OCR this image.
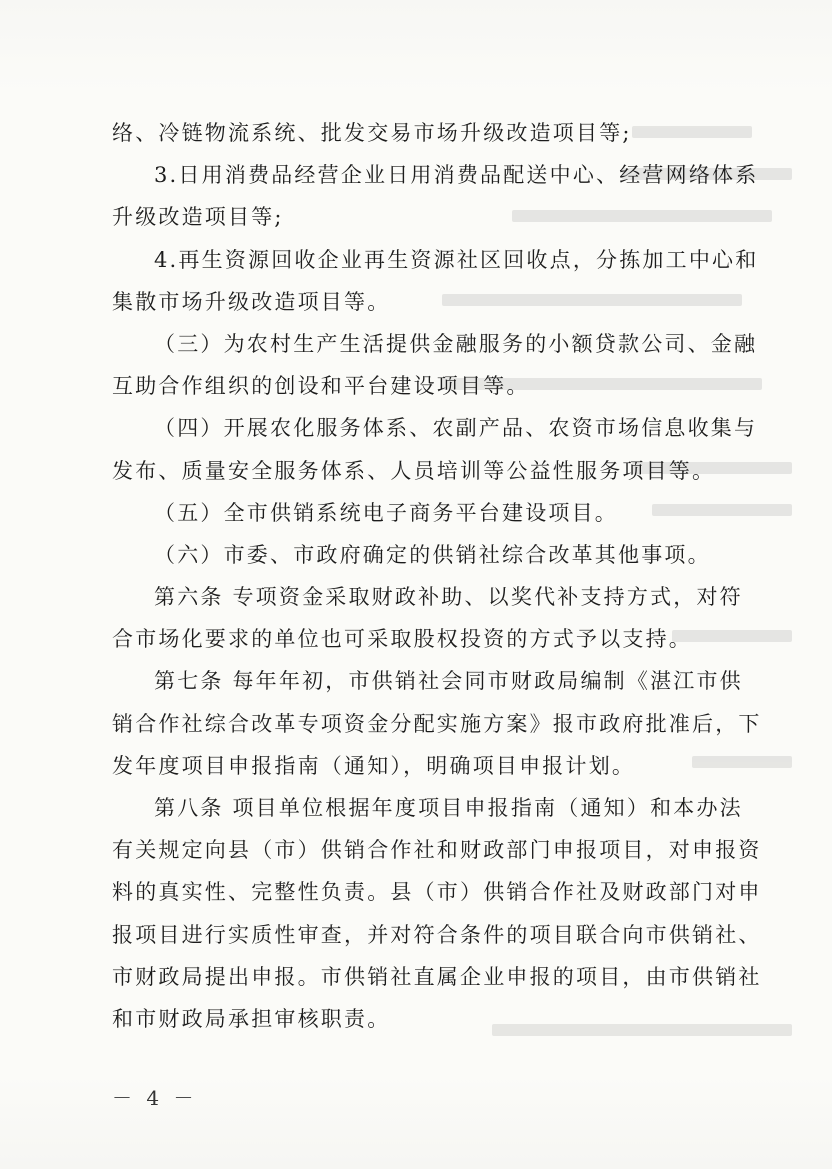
络、冷链物流系统、批发交易市场升级改造项目等;
3.日用消费品经营企业日用消费品配送中心、经营网络体系
升级改造项目等;
4.再生资源回收企业再生资源社区回收点，分拣加工中心和
集散市场升级改造项目等。
（三）为农村生产生活提供金融服务的小额贷款公司、金融
互助合作组织的创设和平台建设项目等。
（四）开展农化服务体系、农副产品、农资市场信息收集与
发布、质量安全服务体系、人员培训等公益性服务项目等。
（五）全市供销系统电子商务平台建设项目。
（六）市委、市政府确定的供销社综合改革其他事项。
第六条 专项资金采取财政补助、以奖代补支持方式，对符
合市场化要求的单位也可采取股权投资的方式予以支持。
第七条 每年年初，市供销社会同市财政局编制《湛江市供
销合作社综合改革专项资金分配实施方案》报市政府批准后，下
发年度项目申报指南（通知），明确项目申报计划。
第八条 项目单位根据年度项目申报指南（通知）和本办法
有关规定向县（市）供销合作社和财政部门申报项目，对申报资
料的真实性、完整性负责。县（市）供销合作社及财政部门对申
报项目进行实质性审查，并对符合条件的项目联合向市供销社、
市财政局提出申报。市供销社直属企业申报的项目，由市供销社
和市财政局承担审核职责。
－ 4 －
